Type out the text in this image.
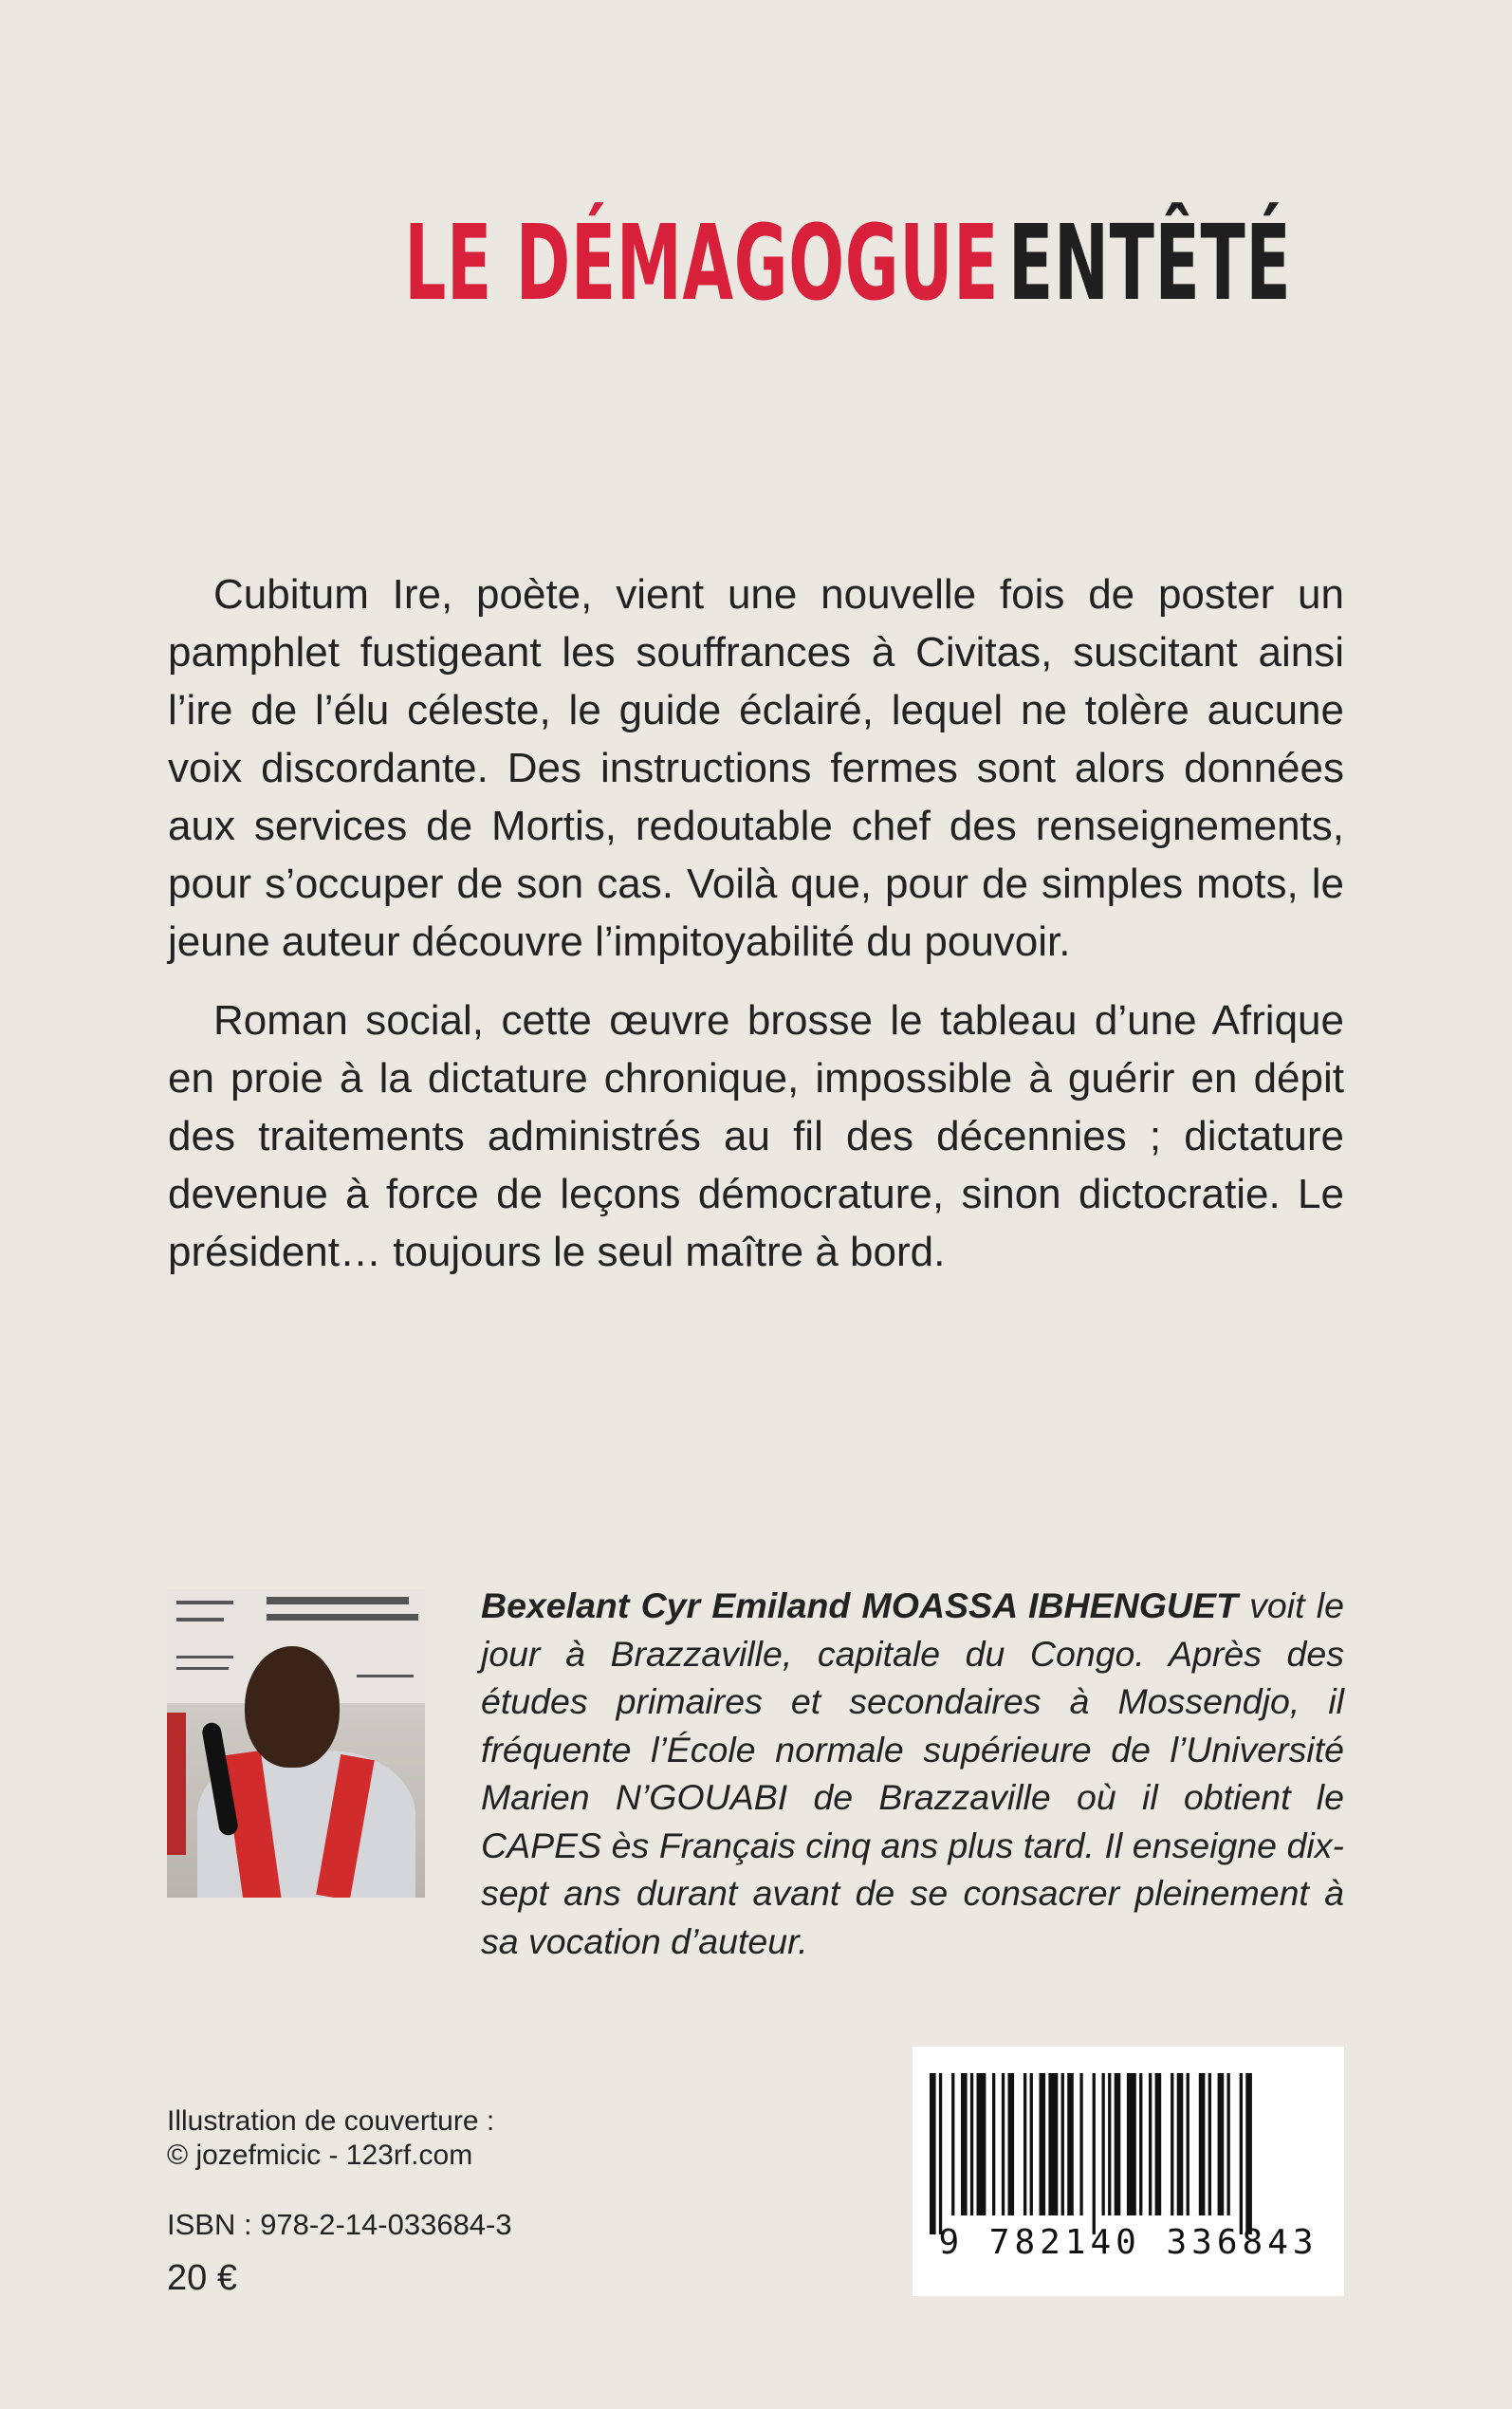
LE DÉMAGOGUEENTÊTÉ

Cubitum Ire, poète, vient une nouvelle fois de poster un pamphlet fustigeant les souffrances à Civitas, suscitant ainsi l’ire de l’élu céleste, le guide éclairé, lequel ne tolère aucune voix discordante. Des instructions fermes sont alors données aux services de Mortis, redoutable chef des renseignements, pour s’occuper de son cas. Voilà que, pour de simples mots, le jeune auteur découvre l’impitoyabilité du pouvoir.

Roman social, cette œuvre brosse le tableau d’une Afrique en proie à la dictature chronique, impossible à guérir en dépit des traitements administrés au fil des décennies ; dictature devenue à force de leçons démocrature, sinon dictocratie. Le président… toujours le seul maître à bord.

Bexelant Cyr Emiland MOASSA IBHENGUET voit le jour à Brazzaville, capitale du Congo. Après des études primaires et secondaires à Mossendjo, il fréquente l’École normale supérieure de l’Université Marien N’GOUABI de Brazzaville où il obtient le CAPES ès Français cinq ans plus tard. Il enseigne dix-sept ans durant avant de se consacrer pleinement à sa vocation d’auteur.
Illustration de couverture :
© jozefmicic - 123rf.com
ISBN : 978-2-14-033684-3
20 €
9 782140 336843
